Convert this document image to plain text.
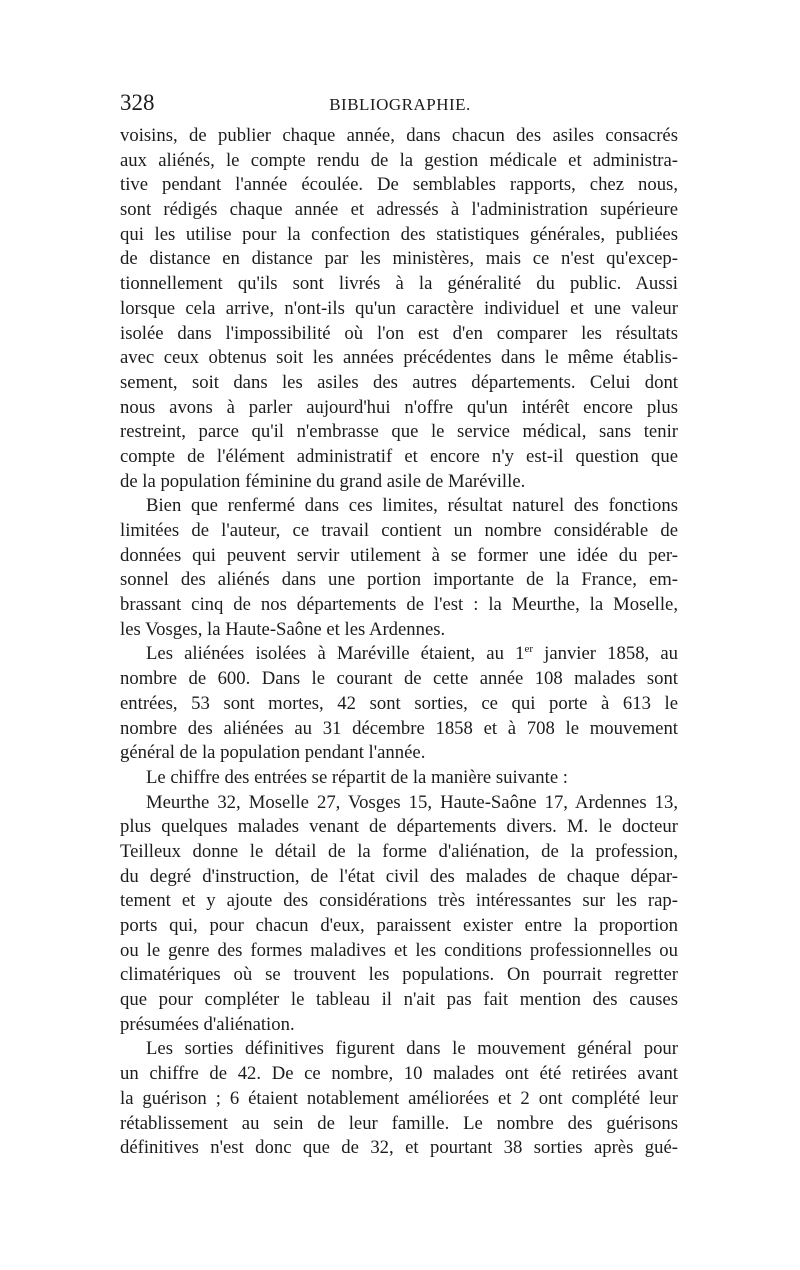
328	BIBLIOGRAPHIE.
voisins, de publier chaque année, dans chacun des asiles consacrés
aux aliénés, le compte rendu de la gestion médicale et administra-
tive pendant l'année écoulée. De semblables rapports, chez nous,
sont rédigés chaque année et adressés à l'administration supérieure
qui les utilise pour la confection des statistiques générales, publiées
de distance en distance par les ministères, mais ce n'est qu'excep-
tionnellement qu'ils sont livrés à la généralité du public. Aussi
lorsque cela arrive, n'ont-ils qu'un caractère individuel et une valeur
isolée dans l'impossibilité où l'on est d'en comparer les résultats
avec ceux obtenus soit les années précédentes dans le même établis-
sement, soit dans les asiles des autres départements. Celui dont
nous avons à parler aujourd'hui n'offre qu'un intérêt encore plus
restreint, parce qu'il n'embrasse que le service médical, sans tenir
compte de l'élément administratif et encore n'y est-il question que
de la population féminine du grand asile de Maréville.
Bien que renfermé dans ces limites, résultat naturel des fonctions
limitées de l'auteur, ce travail contient un nombre considérable de
données qui peuvent servir utilement à se former une idée du per-
sonnel des aliénés dans une portion importante de la France, em-
brassant cinq de nos départements de l'est : la Meurthe, la Moselle,
les Vosges, la Haute-Saône et les Ardennes.
Les aliénées isolées à Maréville étaient, au 1er janvier 1858, au
nombre de 600. Dans le courant de cette année 108 malades sont
entrées, 53 sont mortes, 42 sont sorties, ce qui porte à 613 le
nombre des aliénées au 31 décembre 1858 et à 708 le mouvement
général de la population pendant l'année.
Le chiffre des entrées se répartit de la manière suivante :
Meurthe 32, Moselle 27, Vosges 15, Haute-Saône 17, Ardennes 13,
plus quelques malades venant de départements divers. M. le docteur
Teilleux donne le détail de la forme d'aliénation, de la profession,
du degré d'instruction, de l'état civil des malades de chaque dépar-
tement et y ajoute des considérations très intéressantes sur les rap-
ports qui, pour chacun d'eux, paraissent exister entre la proportion
ou le genre des formes maladives et les conditions professionnelles ou
climatériques où se trouvent les populations. On pourrait regretter
que pour compléter le tableau il n'ait pas fait mention des causes
présumées d'aliénation.
Les sorties définitives figurent dans le mouvement général pour
un chiffre de 42. De ce nombre, 10 malades ont été retirées avant
la guérison ; 6 étaient notablement améliorées et 2 ont complété leur
rétablissement au sein de leur famille. Le nombre des guérisons
définitives n'est donc que de 32, et pourtant 38 sorties après gué-
